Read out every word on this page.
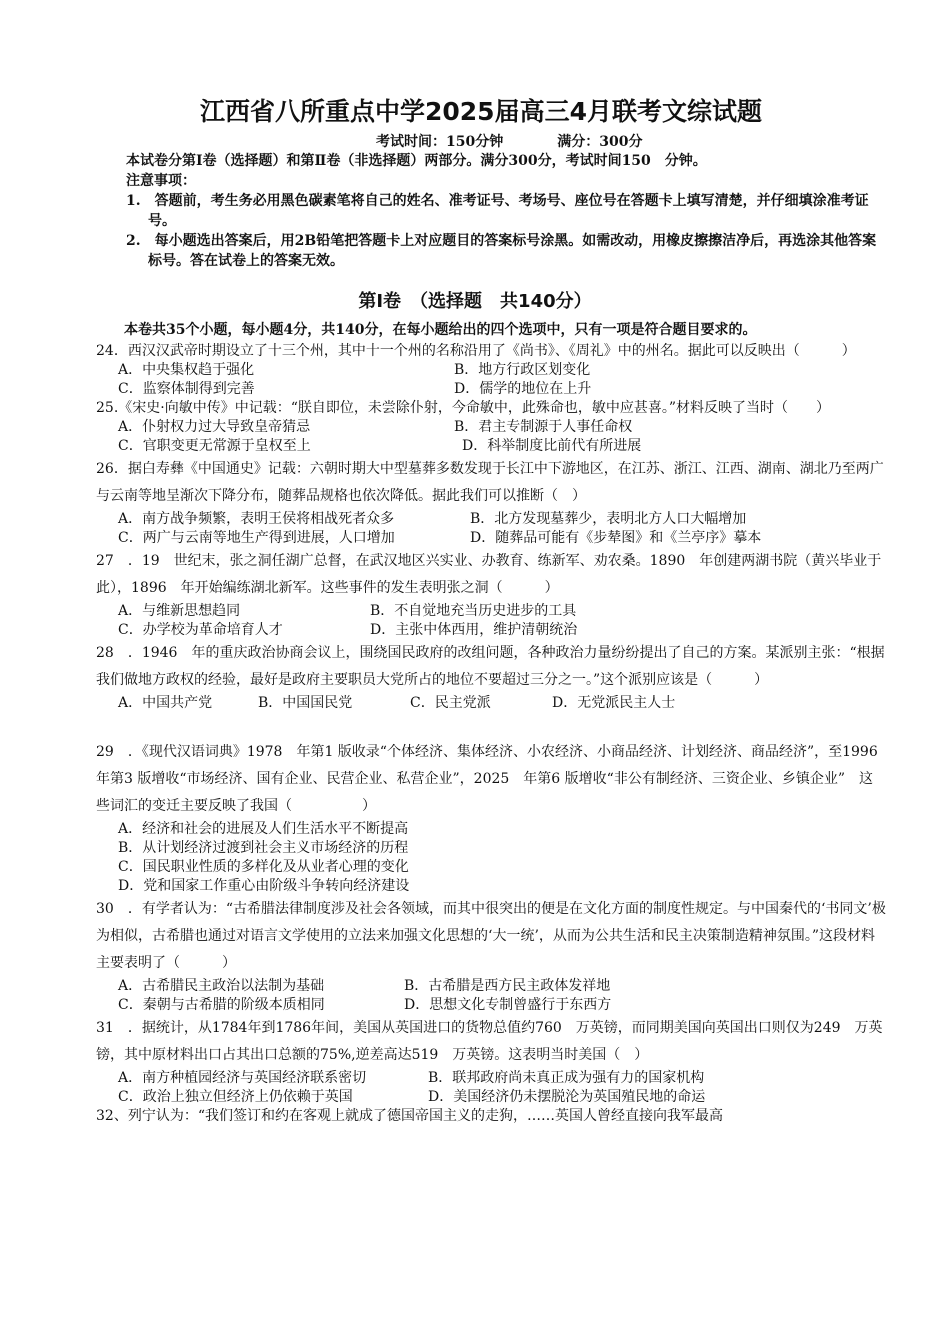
江西省八所重点中学2025届高三4月联考文综试题
考试时间：150分钟	满分：300分
本试卷分第Ⅰ卷（选择题）和第Ⅱ卷（非选择题）两部分。满分300分，考试时间150　分钟。
注意事项：
1.　答题前，考生务必用黑色碳素笔将自己的姓名、准考证号、考场号、座位号在答题卡上填写清楚，并仔细填涂准考证号。
2.　每小题选出答案后，用2B铅笔把答题卡上对应题目的答案标号涂黑。如需改动，用橡皮擦擦洁净后，再选涂其他答案标号。答在试卷上的答案无效。
第Ⅰ卷　（选择题　共140分）

本卷共35个小题，每小题4分，共140分，在每小题给出的四个选项中，只有一项是符合题目要求的。

24．西汉汉武帝时期设立了十三个州，其中十一个州的名称沿用了《尚书》、《周礼》中的州名。据此可以反映出（　　　）

A．中央集权趋于强化	B．地方行政区划变化
C．监察体制得到完善	D．儒学的地位在上升

25.《宋史·向敏中传》中记载：“朕自即位，未尝除仆射，今命敏中，此殊命也，敏中应甚喜。”材料反映了当时（　　）

A．仆射权力过大导致皇帝猜忌	B．君主专制源于人事任命权
C．官职变更无常源于皇权至上	D．科举制度比前代有所进展

26．据白寿彝《中国通史》记载：六朝时期大中型墓葬多数发现于长江中下游地区，在江苏、浙江、江西、湖南、湖北乃至两广与云南等地呈渐次下降分布，随葬品规格也依次降低。据此我们可以推断（　）

A．南方战争频繁，表明王侯将相战死者众多	B．北方发现墓葬少，表明北方人口大幅增加
C．两广与云南等地生产得到进展，人口增加	D．随葬品可能有《步辇图》和《兰亭序》摹本

27　．19　世纪末，张之洞任湖广总督，在武汉地区兴实业、办教育、练新军、劝农桑。1890　年创建两湖书院（黄兴毕业于此），1896　年开始编练湖北新军。这些事件的发生表明张之洞（　　　）

A．与维新思想趋同	B．不自觉地充当历史进步的工具
C．办学校为革命培育人才	D．主张中体西用，维护清朝统治

28　．1946　年的重庆政治协商会议上，围绕国民政府的改组问题，各种政治力量纷纷提出了自己的方案。某派别主张：“根据我们做地方政权的经验，最好是政府主要职员大党所占的地位不要超过三分之一。”这个派别应该是（　　　）

A．中国共产党	B．中国国民党	C．民主党派	D．无党派民主人士

29　．《现代汉语词典》1978　年第1 版收录“个体经济、集体经济、小农经济、小商品经济、计划经济、商品经济”，至1996　年第3 版增收“市场经济、国有企业、民营企业、私营企业”，2025　年第6 版增收“非公有制经济、三资企业、乡镇企业”　这些词汇的变迁主要反映了我国（　　　　　）

A．经济和社会的进展及人们生活水平不断提高
B．从计划经济过渡到社会主义市场经济的历程
C．国民职业性质的多样化及从业者心理的变化
D．党和国家工作重心由阶级斗争转向经济建设

30　．有学者认为：“古希腊法律制度涉及社会各领域，而其中很突出的便是在文化方面的制度性规定。与中国秦代的‘书同文’极为相似，古希腊也通过对语言文学使用的立法来加强文化思想的‘大一统’，从而为公共生活和民主决策制造精神氛围。”这段材料主要表明了（　　　）

A．古希腊民主政治以法制为基础	B．古希腊是西方民主政体发祥地
C．秦朝与古希腊的阶级本质相同	D．思想文化专制曾盛行于东西方

31　．据统计，从1784年到1786年间，美国从英国进口的货物总值约760　万英镑，而同期美国向英国出口则仅为249　万英镑，其中原材料出口占其出口总额的75%,逆差高达519　万英镑。这表明当时美国（　）

A．南方种植园经济与英国经济联系密切	B．联邦政府尚未真正成为强有力的国家机构
C．政治上独立但经济上仍依赖于英国	D．美国经济仍未摆脱沦为英国殖民地的命运

32、列宁认为：“我们签订和约在客观上就成了德国帝国主义的走狗，……英国人曾经直接向我军最高
